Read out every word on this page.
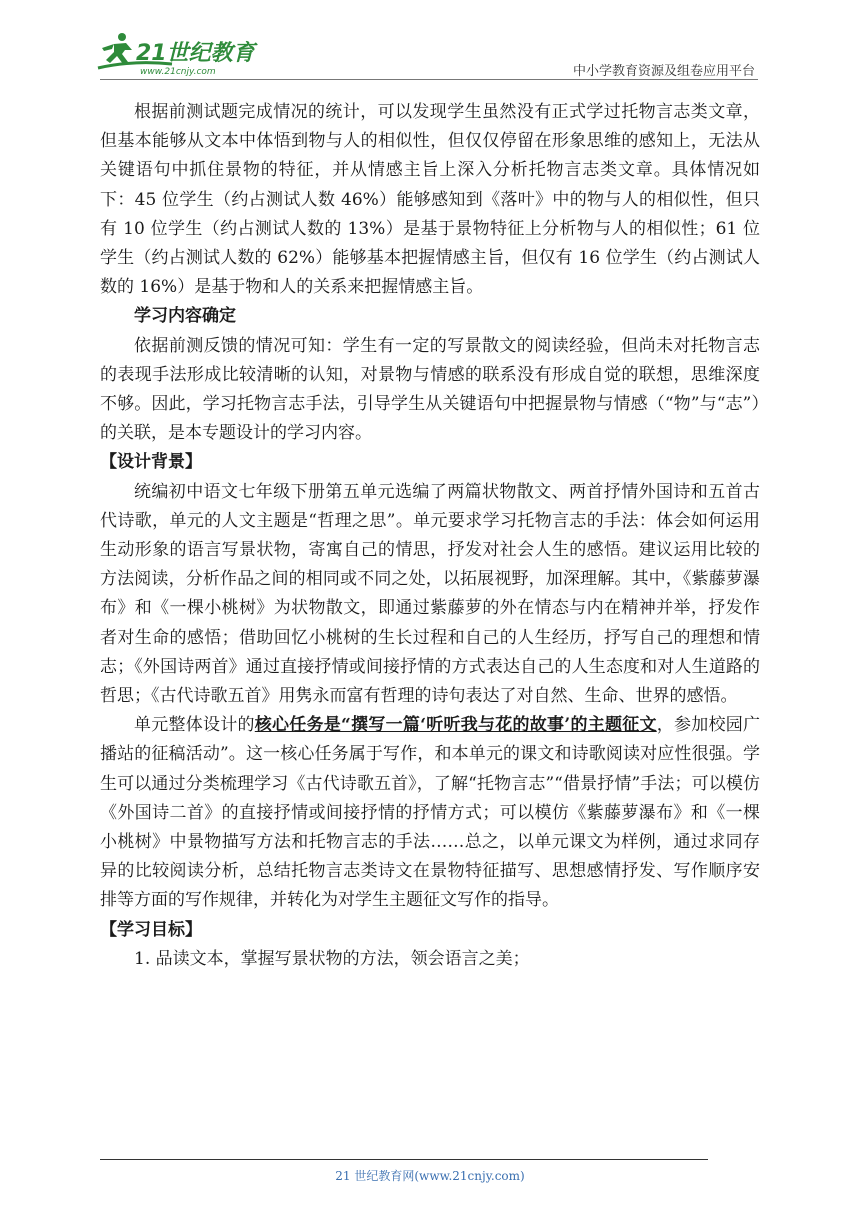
21世纪教育
www.21cnjy.com	中小学教育资源及组卷应用平台

根据前测试题完成情况的统计，可以发现学生虽然没有正式学过托物言志类文章，但基本能够从文本中体悟到物与人的相似性，但仅仅停留在形象思维的感知上，无法从关键语句中抓住景物的特征，并从情感主旨上深入分析托物言志类文章。具体情况如下：45 位学生（约占测试人数 46%）能够感知到《落叶》中的物与人的相似性，但只有 10 位学生（约占测试人数的 13%）是基于景物特征上分析物与人的相似性；61 位学生（约占测试人数的 62%）能够基本把握情感主旨，但仅有 16 位学生（约占测试人数的 16%）是基于物和人的关系来把握情感主旨。

学习内容确定

依据前测反馈的情况可知：学生有一定的写景散文的阅读经验，但尚未对托物言志的表现手法形成比较清晰的认知，对景物与情感的联系没有形成自觉的联想，思维深度不够。因此，学习托物言志手法，引导学生从关键语句中把握景物与情感（“物”与“志”）的关联，是本专题设计的学习内容。

【设计背景】

统编初中语文七年级下册第五单元选编了两篇状物散文、两首抒情外国诗和五首古代诗歌，单元的人文主题是“哲理之思”。单元要求学习托物言志的手法：体会如何运用生动形象的语言写景状物，寄寓自己的情思，抒发对社会人生的感悟。建议运用比较的方法阅读，分析作品之间的相同或不同之处，以拓展视野，加深理解。其中，《紫藤萝瀑布》和《一棵小桃树》为状物散文，即通过紫藤萝的外在情态与内在精神并举，抒发作者对生命的感悟；借助回忆小桃树的生长过程和自己的人生经历，抒写自己的理想和情志；《外国诗两首》通过直接抒情或间接抒情的方式表达自己的人生态度和对人生道路的哲思；《古代诗歌五首》用隽永而富有哲理的诗句表达了对自然、生命、世界的感悟。

单元整体设计的核心任务是“撰写一篇‘听听我与花的故事’的主题征文，参加校园广播站的征稿活动”。这一核心任务属于写作，和本单元的课文和诗歌阅读对应性很强。学生可以通过分类梳理学习《古代诗歌五首》，了解“托物言志”“借景抒情”手法；可以模仿《外国诗二首》的直接抒情或间接抒情的抒情方式；可以模仿《紫藤萝瀑布》和《一棵小桃树》中景物描写方法和托物言志的手法……总之，以单元课文为样例，通过求同存异的比较阅读分析，总结托物言志类诗文在景物特征描写、思想感情抒发、写作顺序安排等方面的写作规律，并转化为对学生主题征文写作的指导。

【学习目标】

1. 品读文本，掌握写景状物的方法，领会语言之美；

21 世纪教育网(www.21cnjy.com)
